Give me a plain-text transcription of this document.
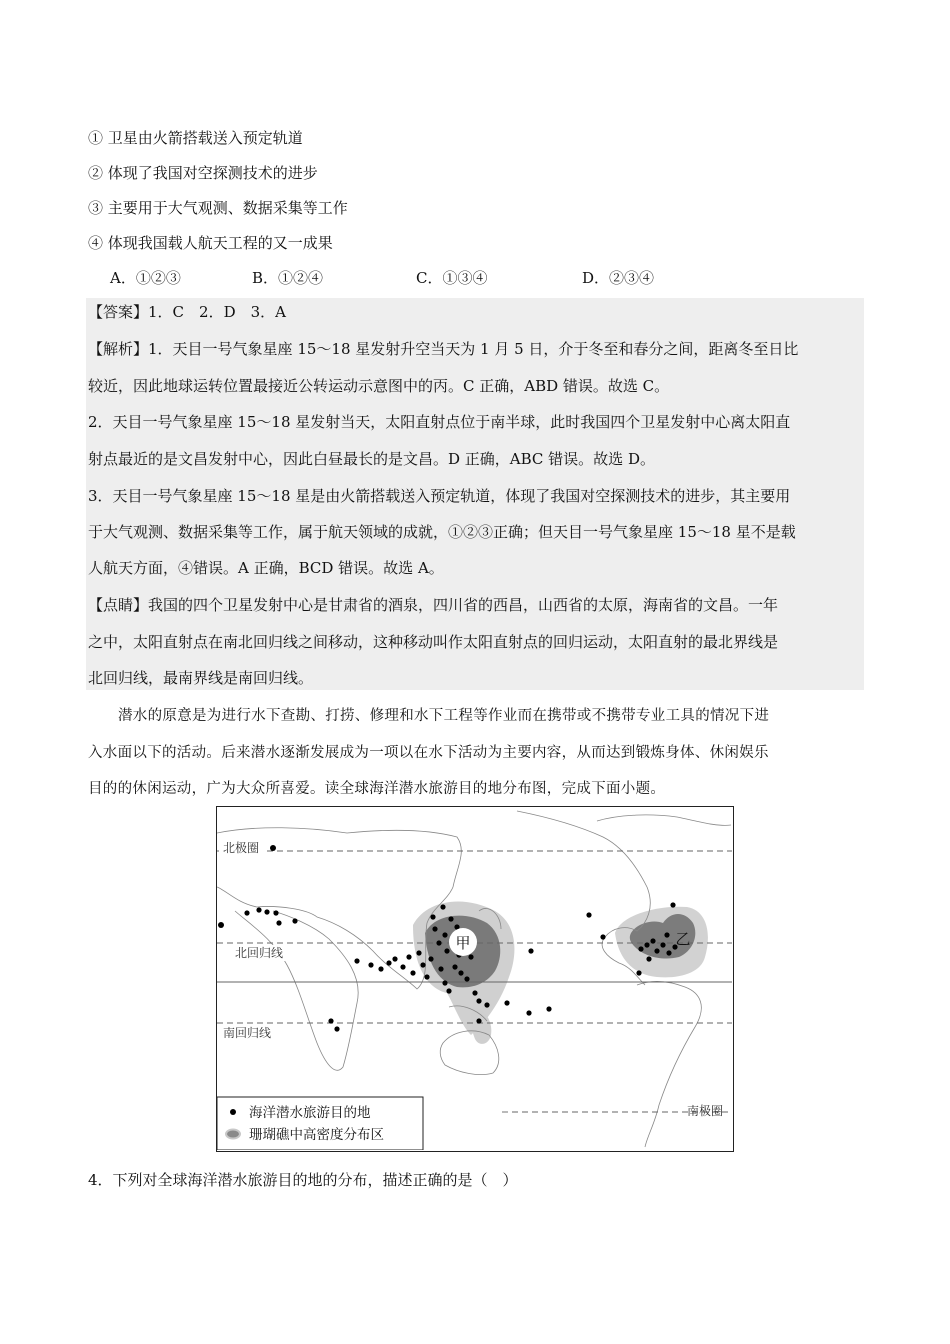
① 卫星由火箭搭载送入预定轨道
② 体现了我国对空探测技术的进步
③ 主要用于大气观测、数据采集等工作
④ 体现我国载人航天工程的又一成果
A．①②③	B．①②④	C．①③④	D．②③④
【答案】1．C　2．D　3．A
【解析】1．天目一号气象星座 15～18 星发射升空当天为 1 月 5 日，介于冬至和春分之间，距离冬至日比
较近，因此地球运转位置最接近公转运动示意图中的丙。C 正确，ABD 错误。故选 C。
2．天目一号气象星座 15～18 星发射当天，太阳直射点位于南半球，此时我国四个卫星发射中心离太阳直
射点最近的是文昌发射中心，因此白昼最长的是文昌。D 正确，ABC 错误。故选 D。
3．天目一号气象星座 15～18 星是由火箭搭载送入预定轨道，体现了我国对空探测技术的进步，其主要用
于大气观测、数据采集等工作，属于航天领域的成就，①②③正确；但天目一号气象星座 15～18 星不是载
人航天方面，④错误。A 正确，BCD 错误。故选 A。
【点睛】我国的四个卫星发射中心是甘肃省的酒泉，四川省的西昌，山西省的太原，海南省的文昌。一年
之中，太阳直射点在南北回归线之间移动，这种移动叫作太阳直射点的回归运动，太阳直射的最北界线是
北回归线，最南界线是南回归线。
潜水的原意是为进行水下查勘、打捞、修理和水下工程等作业而在携带或不携带专业工具的情况下进
入水面以下的活动。后来潜水逐渐发展成为一项以在水下活动为主要内容，从而达到锻炼身体、休闲娱乐
目的的休闲运动，广为大众所喜爱。读全球海洋潜水旅游目的地分布图，完成下面小题。
甲	乙
北极圈
北回归线
南回归线
南极圈
海洋潜水旅游目的地
珊瑚礁中高密度分布区
4．下列对全球海洋潜水旅游目的地的分布，描述正确的是（　）
